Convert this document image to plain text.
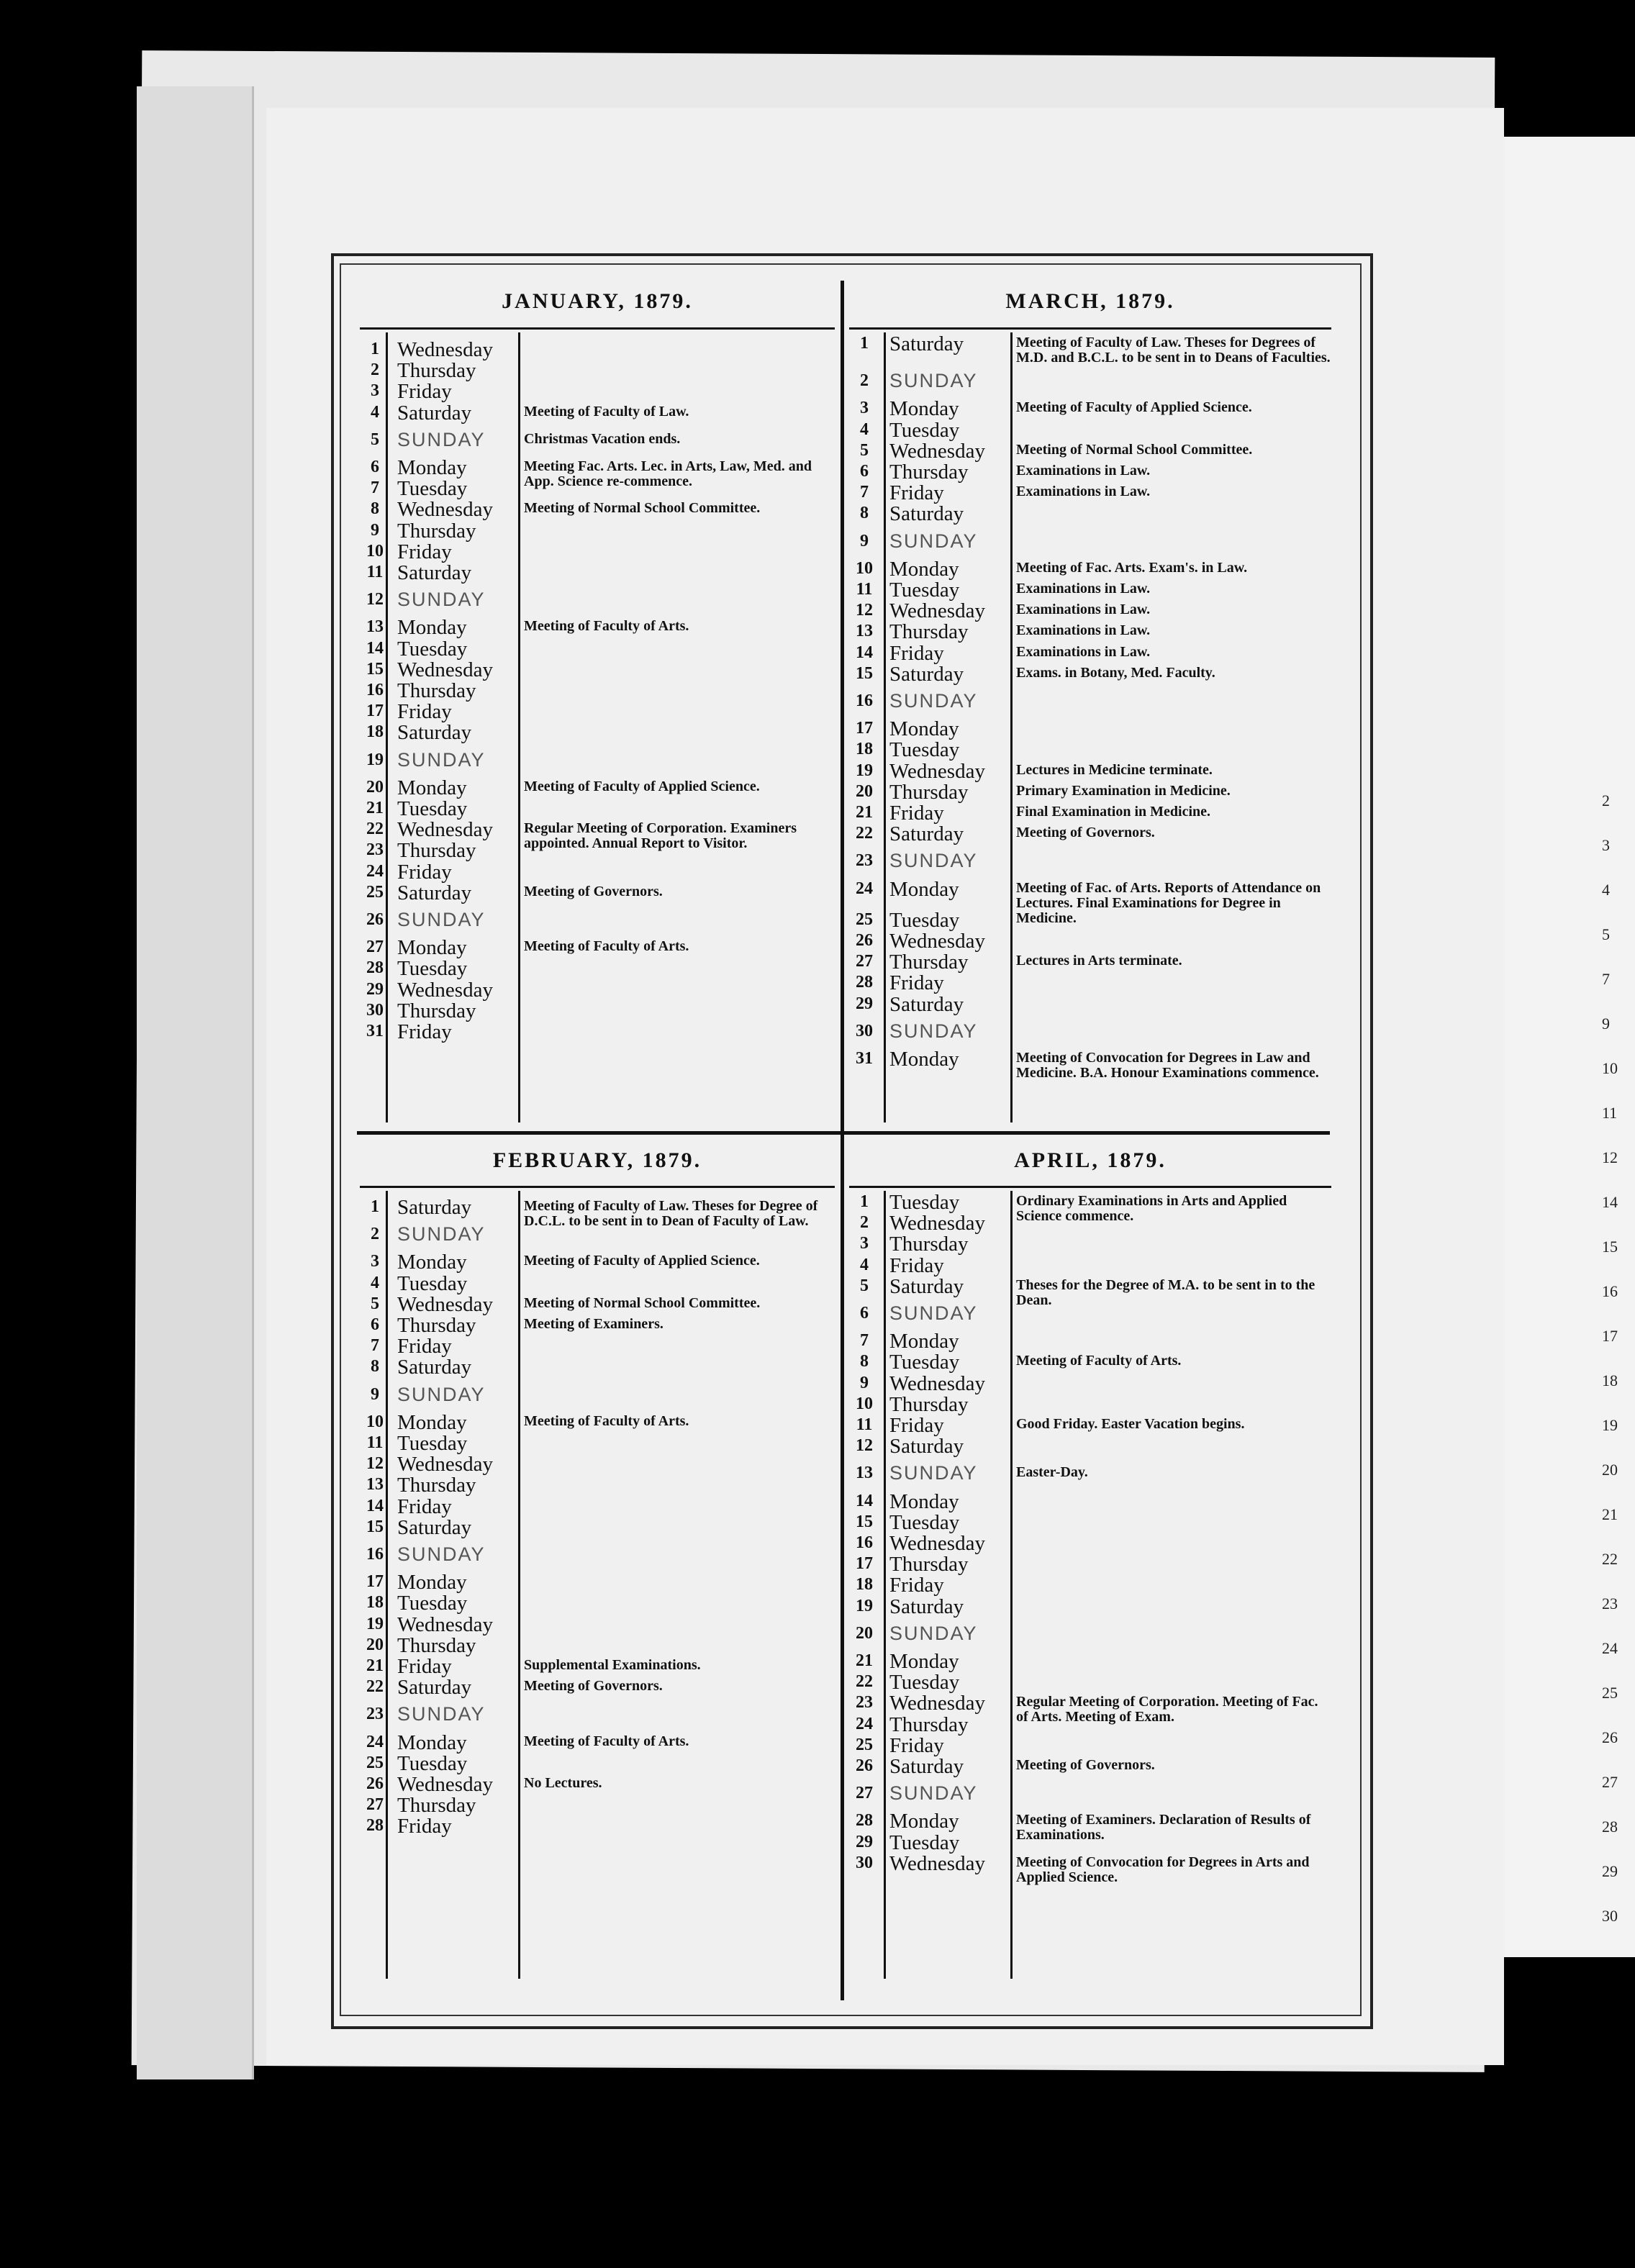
JANUARY, 1879.	MARCH, 1879.
FEBRUARY, 1879.	APRIL, 1879.
1 Wednesday
2 Thursday
3 Friday
4 Saturday	Meeting of Faculty of Law.
5 SUNDAY	Christmas Vacation ends.
6 Monday	Meeting Fac. Arts. Lec. in Arts, Law, Med. and App. Science re-commence.
7 Tuesday
8 Wednesday Meeting of Normal School Committee.
9 Thursday
10 Friday
11 Saturday
12 SUNDAY
13 Monday	Meeting of Faculty of Arts.
14 Tuesday
15 Wednesday
16 Thursday
17 Friday
18 Saturday
19 SUNDAY
20 Monday	Meeting of Faculty of Applied Science.
21 Tuesday
22 Wednesday Regular Meeting of Corporation. Examiners appointed. Annual Report to Visitor.
23 Thursday
24 Friday
25 Saturday	Meeting of Governors.
26 SUNDAY
27 Monday	Meeting of Faculty of Arts.
28 Tuesday
29 Wednesday
30 Thursday
31 Friday
1	Saturday	Meeting of Faculty of Law. Theses for Degrees of M.D. and B.C.L. to be sent in to Deans of Faculties.
2	SUNDAY
3	Monday	Meeting of Faculty of Applied Science.
4	Tuesday
5	Wednesday Meeting of Normal School Committee.
6	Thursday	Examinations in Law.
7	Friday	Examinations in Law.
8	Saturday
9	SUNDAY
10 Monday	Meeting of Fac. Arts. Exam's. in Law.
11 Tuesday	Examinations in Law.
12 Wednesday Examinations in Law.
13 Thursday	Examinations in Law.
14 Friday	Examinations in Law.
15 Saturday	Exams. in Botany, Med. Faculty.
16 SUNDAY
17 Monday
18 Tuesday
19 Wednesday Lectures in Medicine terminate.
20 Thursday	Primary Examination in Medicine.
21 Friday	Final Examination in Medicine.
22 Saturday	Meeting of Governors.
23 SUNDAY
24 Monday	Meeting of Fac. of Arts. Reports of Attendance on Lectures. Final Examinations for Degree in Medicine.
25 Tuesday
26 Wednesday
27 Thursday	Lectures in Arts terminate.
28 Friday
29 Saturday
30 SUNDAY
31 Monday	Meeting of Convocation for Degrees in Law and Medicine. B.A. Honour Examinations commence.
1 Saturday	Meeting of Faculty of Law. Theses for Degree of D.C.L. to be sent in to Dean of Faculty of Law.
2 SUNDAY
3 Monday	Meeting of Faculty of Applied Science.
4 Tuesday
5 Wednesday Meeting of Normal School Committee.
6 Thursday	Meeting of Examiners.
7 Friday
8 Saturday
9 SUNDAY
10 Monday	Meeting of Faculty of Arts.
11 Tuesday
12 Wednesday
13 Thursday
14 Friday
15 Saturday
16 SUNDAY
17 Monday
18 Tuesday
19 Wednesday
20 Thursday
21 Friday	Supplemental Examinations.
22 Saturday	Meeting of Governors.
23 SUNDAY
24 Monday	Meeting of Faculty of Arts.
25 Tuesday
26 Wednesday No Lectures.
27 Thursday
28 Friday
1	Tuesday	Ordinary Examinations in Arts and Applied Science commence.
2	Wednesday
3	Thursday
4	Friday
5	Saturday	Theses for the Degree of M.A. to be sent in to the Dean.
6	SUNDAY
7	Monday
8	Tuesday	Meeting of Faculty of Arts.
9	Wednesday
10 Thursday
11 Friday	Good Friday. Easter Vacation begins.
12 Saturday
13 SUNDAY	Easter-Day.
14 Monday
15 Tuesday
16 Wednesday
17 Thursday
18 Friday
19 Saturday
20 SUNDAY
21 Monday
22 Tuesday
23 Wednesday Regular Meeting of Corporation. Meeting of Fac. of Arts. Meeting of Exam.
24 Thursday
25 Friday
26 Saturday	Meeting of Governors.
27 SUNDAY
28 Monday	Meeting of Examiners. Declaration of Results of Examinations.
29 Tuesday
30 Wednesday Meeting of Convocation for Degrees in Arts and Applied Science.
2
3
4
5
7
9
10
11
12
14
15
16
17
18
19
20
21
22
23
24
25
26
27
28
29
30
